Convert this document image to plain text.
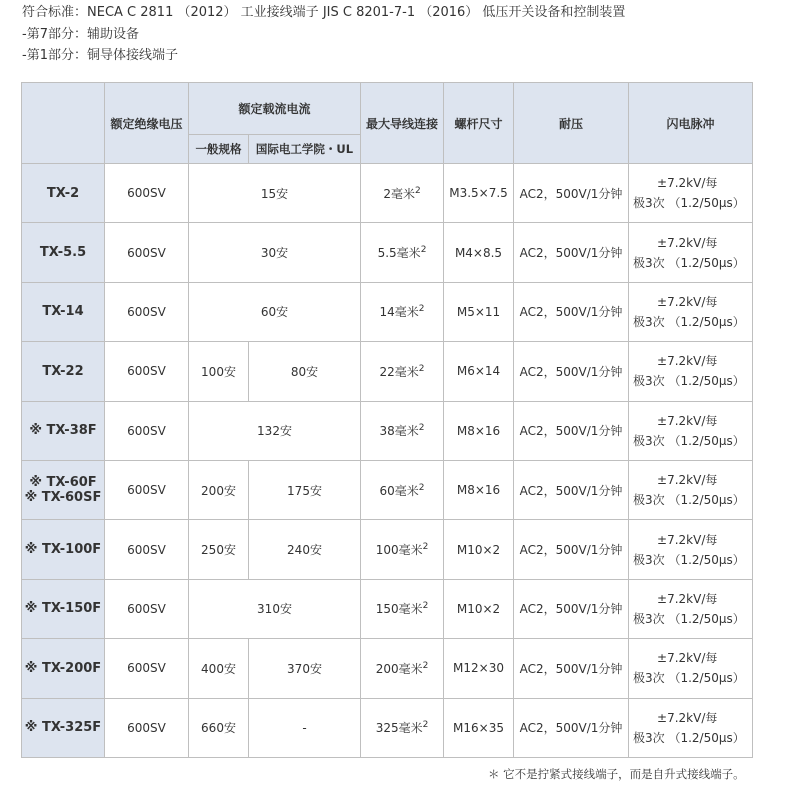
符合标准：NECA C 2811 （2012） 工业接线端子 JIS C 8201-7-1 （2016） 低压开关设备和控制装置
-第7部分：辅助设备
-第1部分：铜导体接线端子
	额定绝缘电压	额定载流电流		最大导线连接	螺杆尺寸	耐压	闪电脉冲
		一般规格	国际电工学院・UL				
TX-2	600SV	15安		2毫米$^2$	M3.5×7.5	AC2，500V/1分钟	±7.2kV/每
极3次 （1.2/50µs）

TX-5.5	600SV	30安		5.5毫米$^2$	M4×8.5	AC2，500V/1分钟	±7.2kV/每
极3次 （1.2/50µs）

TX-14	600SV	60安		14毫米$^2$	M5×11	AC2，500V/1分钟	±7.2kV/每
极3次 （1.2/50µs）

TX-22	600SV	100安	80安	22毫米$^2$	M6×14	AC2，500V/1分钟	±7.2kV/每
极3次 （1.2/50µs）

※ TX-38F	600SV	132安		38毫米$^2$	M8×16	AC2，500V/1分钟	±7.2kV/每
极3次 （1.2/50µs）

※ TX-60F
※ TX-60SF	600SV	200安	175安	60毫米$^2$	M8×16	AC2，500V/1分钟	±7.2kV/每
极3次 （1.2/50µs）

※ TX-100F	600SV	250安	240安	100毫米$^2$	M10×2	AC2，500V/1分钟	±7.2kV/每
极3次 （1.2/50µs）

※ TX-150F	600SV	310安		150毫米$^2$	M10×2	AC2，500V/1分钟	±7.2kV/每
极3次 （1.2/50µs）

※ TX-200F	600SV	400安	370安	200毫米$^2$	M12×30	AC2，500V/1分钟	±7.2kV/每
极3次 （1.2/50µs）

※ TX-325F	600SV	660安	-	325毫米$^2$	M16×35	AC2，500V/1分钟	±7.2kV/每
极3次 （1.2/50µs）
＊ 它不是拧紧式接线端子，而是自升式接线端子。
